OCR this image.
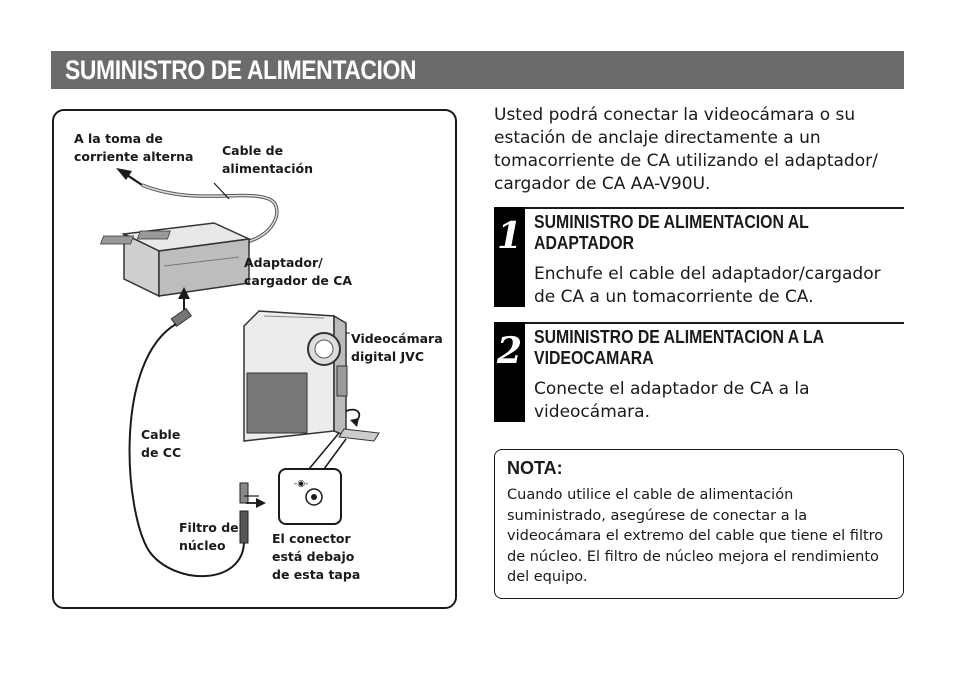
SUMINISTRO DE ALIMENTACION
A la toma de
corriente alterna Cable de
alimentación
Adaptador/
cargador de CA
Videocámara
digital JVC
Cable
de CC
Filtro de
núcleo	El conector
está debajo
de esta tapa
-◉-
Usted podrá conectar la videocámara o su estación de anclaje directamente a un tomacorriente de CA utilizando el adaptador/ cargador de CA AA-V90U.
1 SUMINISTRO DE ALIMENTACION AL ADAPTADOR
Enchufe el cable del adaptador/cargador de CA a un tomacorriente de CA.
2 SUMINISTRO DE ALIMENTACION A LA VIDEOCAMARA
Conecte el adaptador de CA a la videocámara.
NOTA:
Cuando utilice el cable de alimentación suministrado, asegúrese de conectar a la videocámara el extremo del cable que tiene el filtro de núcleo. El filtro de núcleo mejora el rendimiento del equipo.
